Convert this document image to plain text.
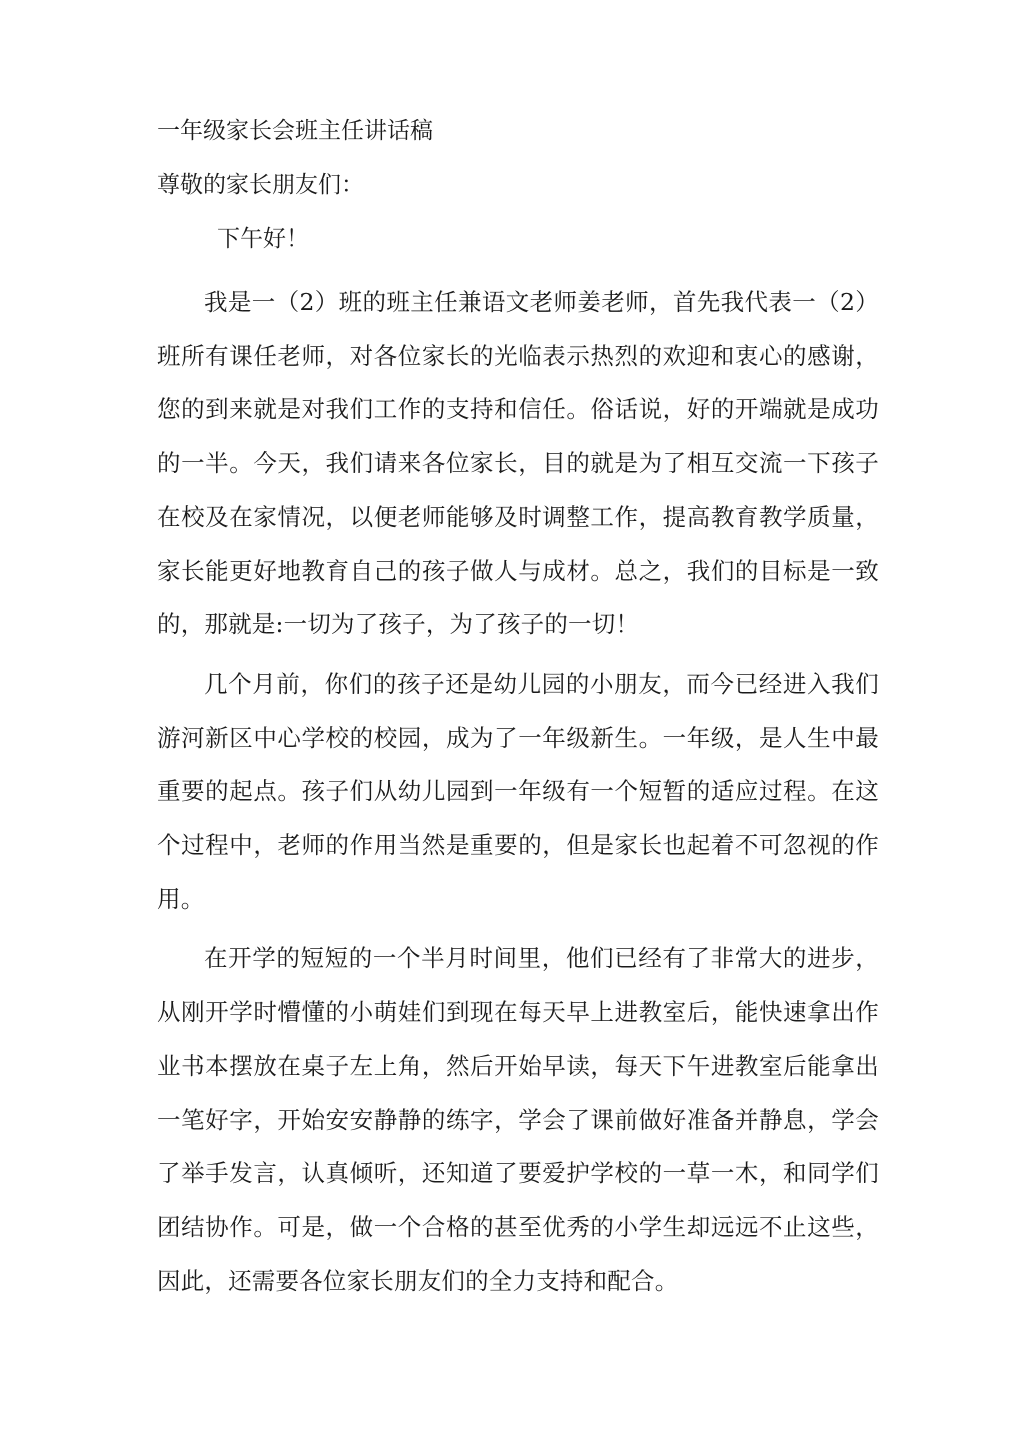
一年级家长会班主任讲话稿
尊敬的家长朋友们：
下午好！

我是一（2）班的班主任兼语文老师姜老师，首先我代表一（2）班所有课任老师，对各位家长的光临表示热烈的欢迎和衷心的感谢，您的到来就是对我们工作的支持和信任。俗话说，好的开端就是成功的一半。今天，我们请来各位家长，目的就是为了相互交流一下孩子在校及在家情况，以便老师能够及时调整工作，提高教育教学质量，家长能更好地教育自己的孩子做人与成材。总之，我们的目标是一致的，那就是:一切为了孩子，为了孩子的一切！

几个月前，你们的孩子还是幼儿园的小朋友，而今已经进入我们游河新区中心学校的校园，成为了一年级新生。一年级，是人生中最重要的起点。孩子们从幼儿园到一年级有一个短暂的适应过程。在这个过程中，老师的作用当然是重要的，但是家长也起着不可忽视的作用。

在开学的短短的一个半月时间里，他们已经有了非常大的进步，从刚开学时懵懂的小萌娃们到现在每天早上进教室后，能快速拿出作业书本摆放在桌子左上角，然后开始早读，每天下午进教室后能拿出一笔好字，开始安安静静的练字，学会了课前做好准备并静息，学会了举手发言，认真倾听，还知道了要爱护学校的一草一木，和同学们团结协作。可是，做一个合格的甚至优秀的小学生却远远不止这些，因此，还需要各位家长朋友们的全力支持和配合。
